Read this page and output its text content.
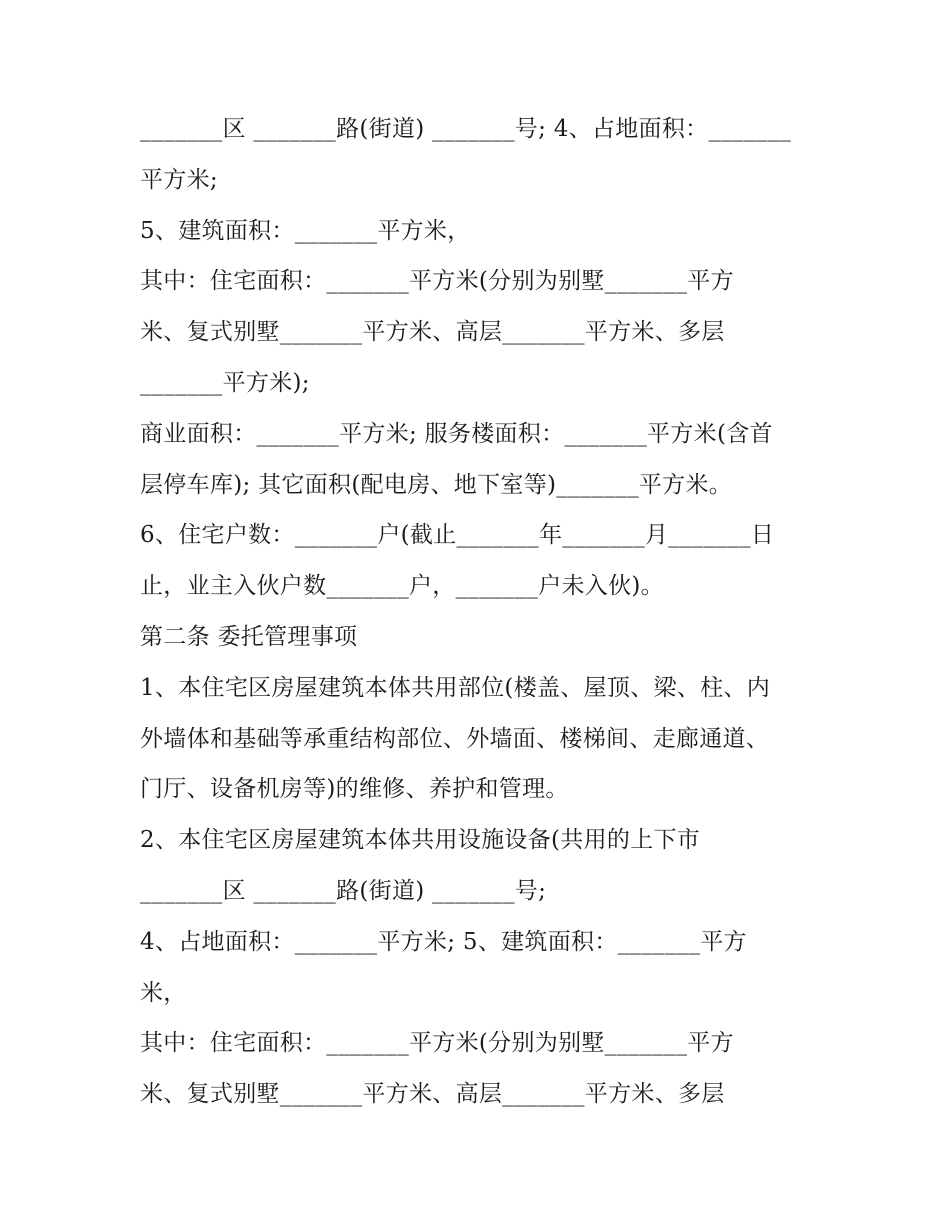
_______区 _______路(街道) _______号; 4、占地面积：_______
平方米;
5、建筑面积：_______平方米，
其中：住宅面积：_______平方米(分别为别墅_______平方
米、复式别墅_______平方米、高层_______平方米、多层
_______平方米);
商业面积：_______平方米; 服务楼面积：_______平方米(含首
层停车库); 其它面积(配电房、地下室等)_______平方米。
6、住宅户数：_______户(截止_______年_______月_______日
止，业主入伙户数_______户，_______户未入伙)。
第二条 委托管理事项
1、本住宅区房屋建筑本体共用部位(楼盖、屋顶、梁、柱、内
外墙体和基础等承重结构部位、外墙面、楼梯间、走廊通道、
门厅、设备机房等)的维修、养护和管理。
2、本住宅区房屋建筑本体共用设施设备(共用的上下市
_______区 _______路(街道) _______号;
4、占地面积：_______平方米; 5、建筑面积：_______平方
米，
其中：住宅面积：_______平方米(分别为别墅_______平方
米、复式别墅_______平方米、高层_______平方米、多层
